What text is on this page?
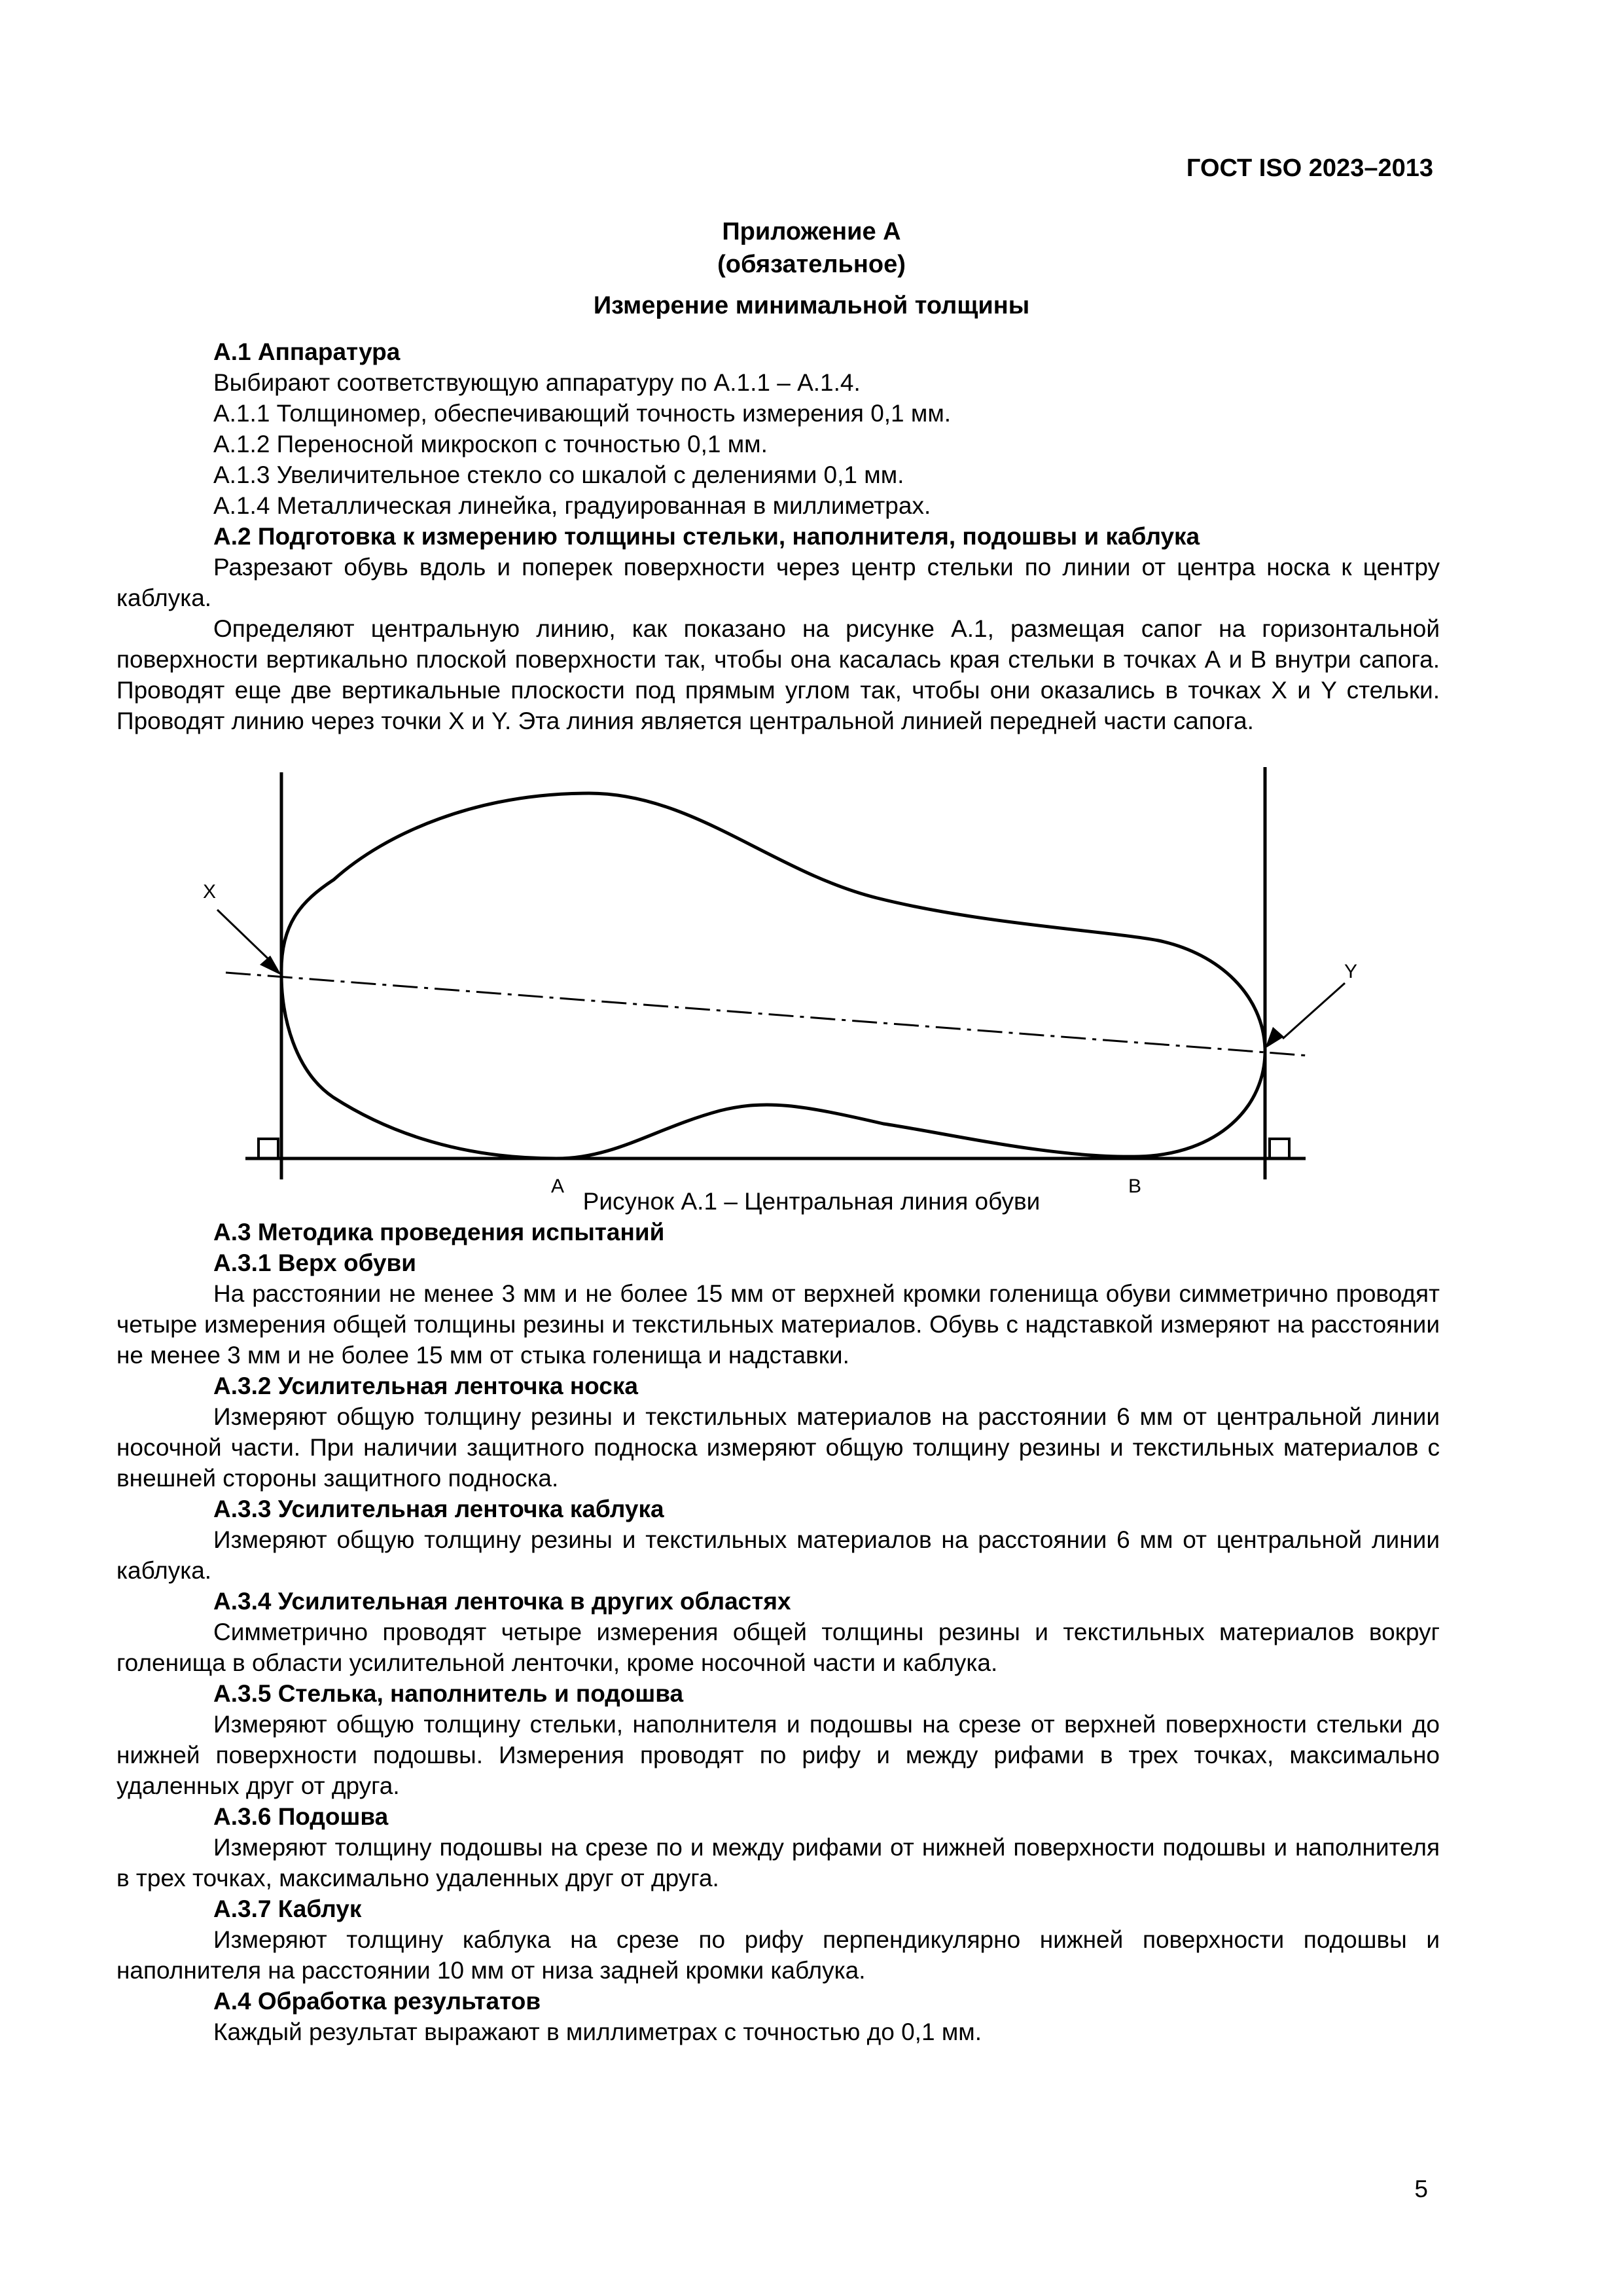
ГОСТ ISO 2023–2013
Приложение А
(обязательное)
Измерение минимальной толщины

А.1 Аппаратура

Выбирают соответствующую аппаратуру по А.1.1 – А.1.4.

А.1.1 Толщиномер, обеспечивающий точность измерения 0,1 мм.

А.1.2 Переносной микроскоп с точностью 0,1 мм.

А.1.3 Увеличительное стекло со шкалой с делениями 0,1 мм.

А.1.4 Металлическая линейка, градуированная в миллиметрах.

А.2 Подготовка к измерению толщины стельки, наполнителя, подошвы и каблука

Разрезают обувь вдоль и поперек поверхности через центр стельки по линии от центра носка к центру каблука.

Определяют центральную линию, как показано на рисунке А.1, размещая сапог на горизонтальной поверхности вертикально плоской поверхности так, чтобы она касалась края стельки в точках А и В внутри сапога. Проводят еще две вертикальные плоскости под прямым углом так, чтобы они оказались в точках X и Y стельки. Проводят линию через точки X и Y. Эта линия является центральной линией передней части сапога.

X
Y
A	B
Рисунок А.1 – Центральная линия обуви

А.3 Методика проведения испытаний

А.3.1 Верх обуви

На расстоянии не менее 3 мм и не более 15 мм от верхней кромки голенища обуви симметрично проводят четыре измерения общей толщины резины и текстильных материалов. Обувь с надставкой измеряют на расстоянии не менее 3 мм и не более 15 мм от стыка голенища и надставки.

А.3.2 Усилительная ленточка носка

Измеряют общую толщину резины и текстильных материалов на расстоянии 6 мм от центральной линии носочной части. При наличии защитного подноска измеряют общую толщину резины и текстильных материалов с внешней стороны защитного подноска.

А.3.3 Усилительная ленточка каблука

Измеряют общую толщину резины и текстильных материалов на расстоянии 6 мм от центральной линии каблука.

А.3.4 Усилительная ленточка в других областях

Симметрично проводят четыре измерения общей толщины резины и текстильных материалов вокруг голенища в области усилительной ленточки, кроме носочной части и каблука.

А.3.5 Стелька, наполнитель и подошва

Измеряют общую толщину стельки, наполнителя и подошвы на срезе от верхней поверхности стельки до нижней поверхности подошвы. Измерения проводят по рифу и между рифами в трех точках, максимально удаленных друг от друга.

А.3.6 Подошва

Измеряют толщину подошвы на срезе по и между рифами от нижней поверхности подошвы и наполнителя в трех точках, максимально удаленных друг от друга.

А.3.7 Каблук

Измеряют толщину каблука на срезе по рифу перпендикулярно нижней поверхности подошвы и наполнителя на расстоянии 10 мм от низа задней кромки каблука.

А.4 Обработка результатов

Каждый результат выражают в миллиметрах с точностью до 0,1 мм.

5
